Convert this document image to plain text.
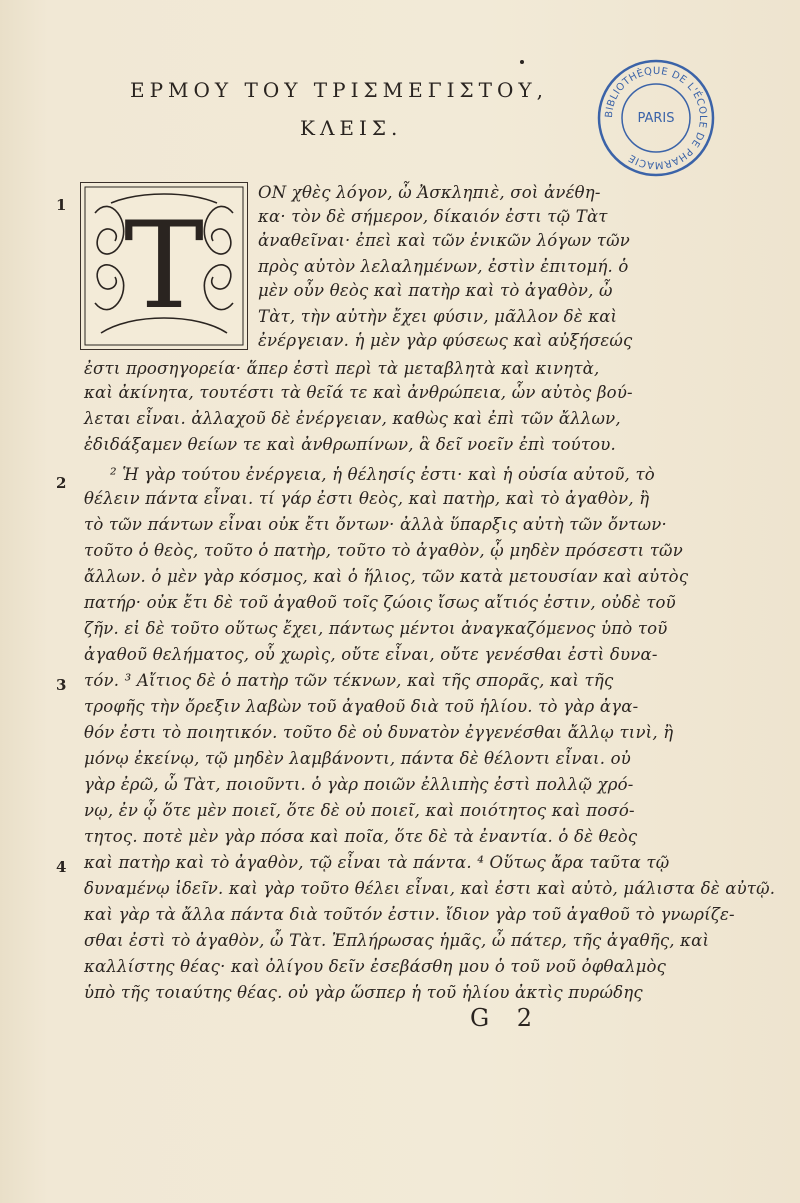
ΕΡΜΟΥ ΤΟΥ ΤΡΙΣΜΕΓΙΣΤΟΥ,
ΚΛΕΙΣ.
BIBLIOTHÈQUE DE L'ÉCOLE DE PHARMACIE
PARIS
T
1
2
3
4
ΟΝ χθὲς λόγον, ὦ Ἀσκληπιὲ, σοὶ ἀνέθη-
κα· τὸν δὲ σήμερον, δίκαιόν ἐστι τῷ Τὰτ
ἀναθεῖναι· ἐπεὶ καὶ τῶν ἐνικῶν λόγων τῶν
πρὸς αὐτὸν λελαλημένων, ἐστὶν ἐπιτομή. ὁ
μὲν οὖν θεὸς καὶ πατὴρ καὶ τὸ ἀγαθὸν, ὦ
Τὰτ, τὴν αὐτὴν ἔχει φύσιν, μᾶλλον δὲ καὶ
ἐνέργειαν. ἡ μὲν γὰρ φύσεως καὶ αὐξήσεώς
ἐστι προσηγορεία· ἅπερ ἐστὶ περὶ τὰ μεταβλητὰ καὶ κινητὰ,
καὶ ἀκίνητα, τουτέστι τὰ θεῖά τε καὶ ἀνθρώπεια, ὧν αὐτὸς βού-
λεται εἶναι. ἀλλαχοῦ δὲ ἐνέργειαν, καθὼς καὶ ἐπὶ τῶν ἄλλων,
ἐδιδάξαμεν θείων τε καὶ ἀνθρωπίνων, ἃ δεῖ νοεῖν ἐπὶ τούτου.
² Ἡ γὰρ τούτου ἐνέργεια, ἡ θέλησίς ἐστι· καὶ ἡ οὐσία αὐτοῦ, τὸ
θέλειν πάντα εἶναι. τί γάρ ἐστι θεὸς, καὶ πατὴρ, καὶ τὸ ἀγαθὸν, ἢ
τὸ τῶν πάντων εἶναι οὐκ ἔτι ὄντων· ἀλλὰ ὕπαρξις αὐτὴ τῶν ὄντων·
τοῦτο ὁ θεὸς, τοῦτο ὁ πατὴρ, τοῦτο τὸ ἀγαθὸν, ᾧ μηδὲν πρόσεστι τῶν
ἄλλων. ὁ μὲν γὰρ κόσμος, καὶ ὁ ἥλιος, τῶν κατὰ μετουσίαν καὶ αὐτὸς
πατήρ· οὐκ ἔτι δὲ τοῦ ἀγαθοῦ τοῖς ζώοις ἴσως αἴτιός ἐστιν, οὐδὲ τοῦ
ζῆν. εἰ δὲ τοῦτο οὕτως ἔχει, πάντως μέντοι ἀναγκαζόμενος ὑπὸ τοῦ
ἀγαθοῦ θελήματος, οὗ χωρὶς, οὔτε εἶναι, οὔτε γενέσθαι ἐστὶ δυνα-
τόν. ³ Αἴτιος δὲ ὁ πατὴρ τῶν τέκνων, καὶ τῆς σπορᾶς, καὶ τῆς
τροφῆς τὴν ὄρεξιν λαβὼν τοῦ ἀγαθοῦ διὰ τοῦ ἡλίου. τὸ γὰρ ἀγα-
θόν ἐστι τὸ ποιητικόν. τοῦτο δὲ οὐ δυνατὸν ἐγγενέσθαι ἄλλῳ τινὶ, ἢ
μόνῳ ἐκείνῳ, τῷ μηδὲν λαμβάνοντι, πάντα δὲ θέλοντι εἶναι. οὐ
γὰρ ἐρῶ, ὦ Τὰτ, ποιοῦντι. ὁ γὰρ ποιῶν ἐλλιπὴς ἐστὶ πολλῷ χρό-
νῳ, ἐν ᾧ ὅτε μὲν ποιεῖ, ὅτε δὲ οὐ ποιεῖ, καὶ ποιότητος καὶ ποσό-
τητος. ποτὲ μὲν γὰρ πόσα καὶ ποῖα, ὅτε δὲ τὰ ἐναντία. ὁ δὲ θεὸς
καὶ πατὴρ καὶ τὸ ἀγαθὸν, τῷ εἶναι τὰ πάντα. ⁴ Οὕτως ἄρα ταῦτα τῷ
δυναμένῳ ἰδεῖν. καὶ γὰρ τοῦτο θέλει εἶναι, καὶ ἐστι καὶ αὐτὸ, μάλιστα δὲ αὐτῷ.
καὶ γὰρ τὰ ἄλλα πάντα διὰ τοῦτόν ἐστιν. ἴδιον γὰρ τοῦ ἀγαθοῦ τὸ γνωρίζε-
σθαι ἐστὶ τὸ ἀγαθὸν, ὦ Τὰτ. Ἐπλήρωσας ἡμᾶς, ὦ πάτερ, τῆς ἀγαθῆς, καὶ
καλλίστης θέας· καὶ ὀλίγου δεῖν ἐσεβάσθη μου ὁ τοῦ νοῦ ὀφθαλμὸς
ὑπὸ τῆς τοιαύτης θέας. οὐ γὰρ ὥσπερ ἡ τοῦ ἡλίου ἀκτὶς πυρώδης
G 2
